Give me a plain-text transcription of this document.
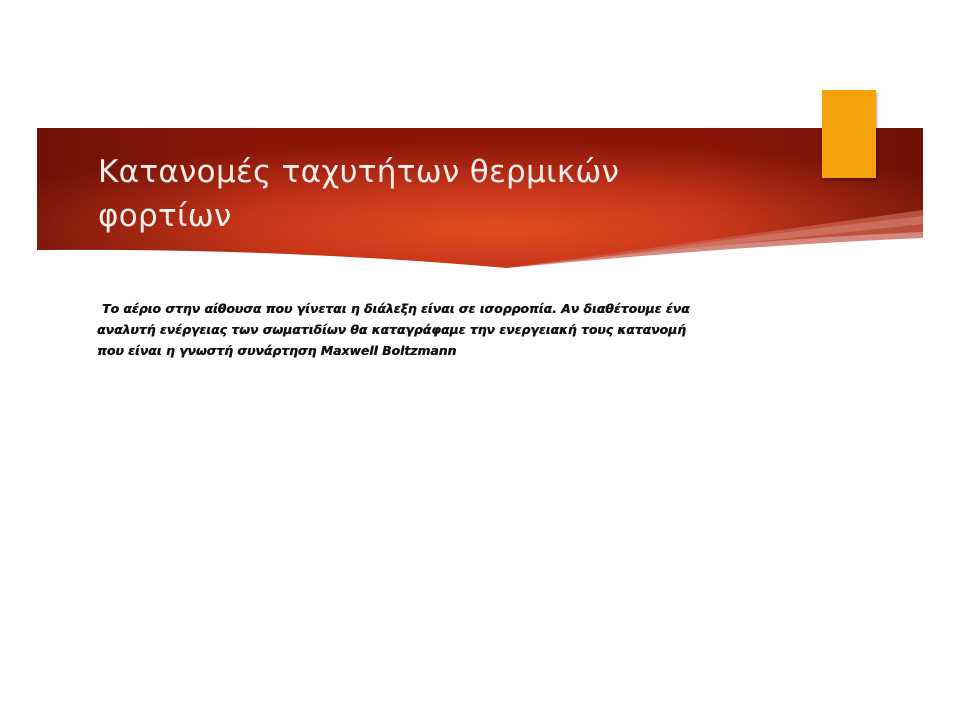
Κατανομές ταχυτήτων θερμικών
φορτίων

Το αέριο στην αίθουσα που γίνεται η διάλεξη είναι σε ισορροπία. Αν διαθέτουμε ένα
αναλυτή ενέργειας των σωματιδίων θα καταγράφαμε την ενεργειακή τους κατανομή
που είναι η γνωστή συνάρτηση Maxwell Boltzmann
